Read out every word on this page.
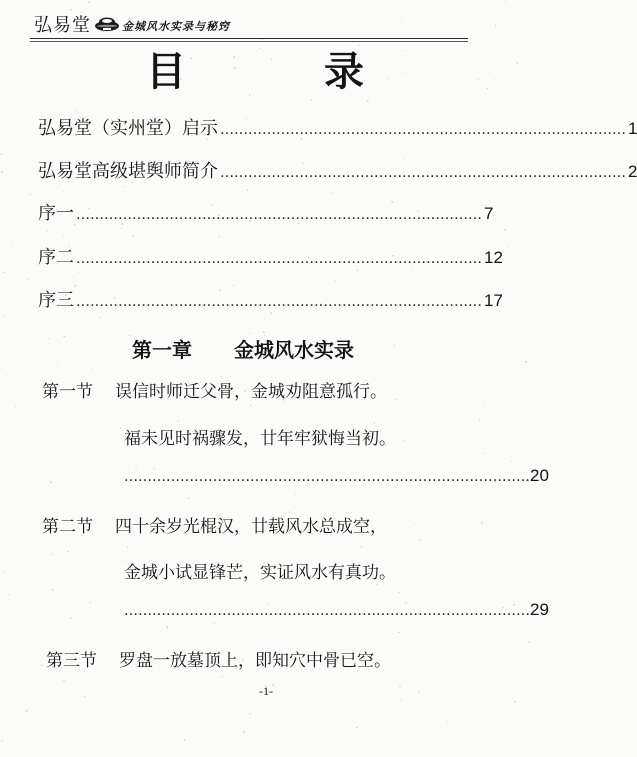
弘易堂	金城风水实录与秘窍
目 录
弘易堂（实州堂）启示 …………………………………………………………………………… 1
弘易堂高级堪舆师简介 …………………………………………………………………………… 2
序一 …………………………………………………………………………… 7
序二 …………………………………………………………………………… 12
序三 …………………………………………………………………………… 17
第一章 金城风水实录
第一节 误信时师迁父骨，金城劝阻意孤行。
福未见时祸骤发，廿年牢狱悔当初。
…………………………………………………………………………… 20
第二节 四十余岁光棍汉，廿载风水总成空，
金城小试显锋芒，实证风水有真功。
…………………………………………………………………………… 29
第三节 罗盘一放墓顶上，即知穴中骨已空。
-1-
